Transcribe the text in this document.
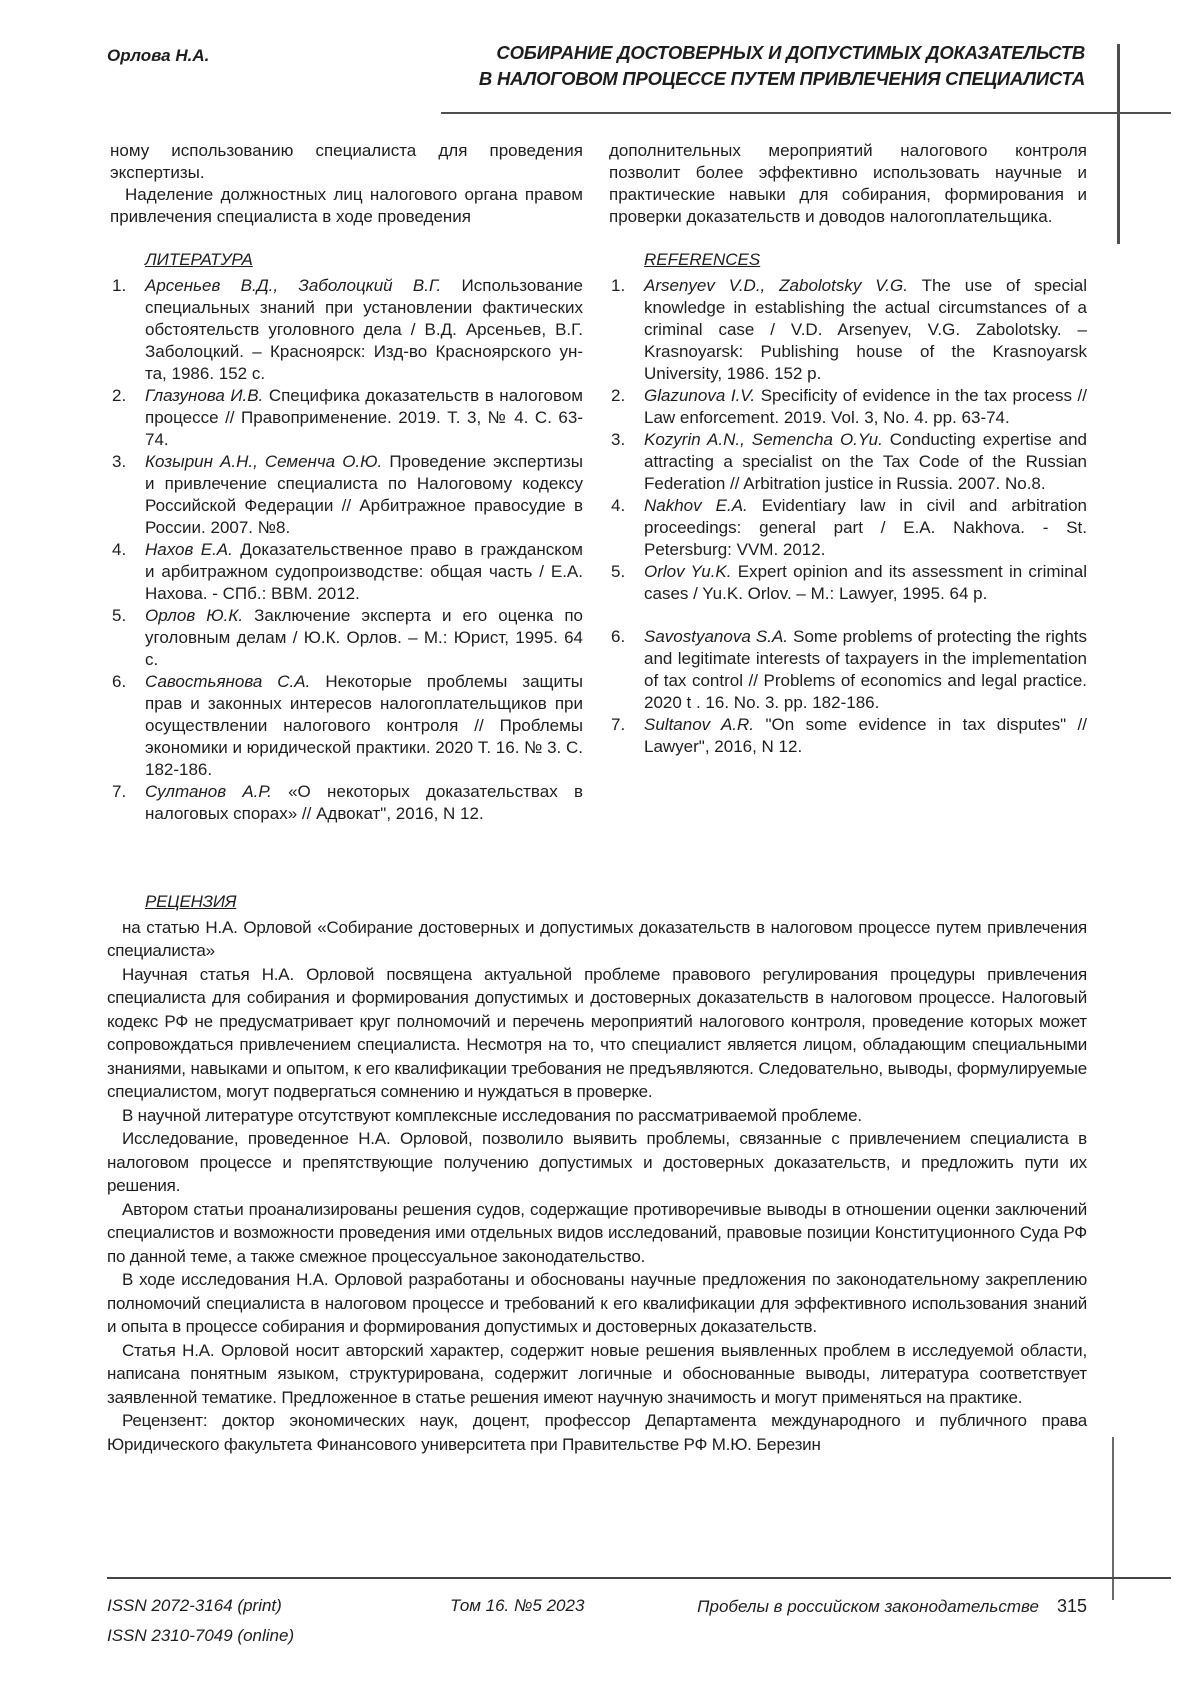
Орлова Н.А.	СОБИРАНИЕ ДОСТОВЕРНЫХ И ДОПУСТИМЫХ ДОКАЗАТЕЛЬСТВ
В НАЛОГОВОМ ПРОЦЕССЕ ПУТЕМ ПРИВЛЕЧЕНИЯ СПЕЦИАЛИСТА

ному использованию специалиста для проведения экспертизы.

Наделение должностных лиц налогового органа правом привлечения специалиста в ходе проведения

ЛИТЕРАТУРА
Арсеньев В.Д., Заболоцкий В.Г. Использование специальных знаний при установлении фактических обстоятельств уголовного дела / В.Д. Арсеньев, В.Г. Заболоцкий. – Красноярск: Изд-во Красноярского ун-та, 1986. 152 с.
Глазунова И.В. Специфика доказательств в налоговом процессе // Правоприменение. 2019. Т. 3, № 4. С. 63-74.
Козырин А.Н., Семенча О.Ю. Проведение экспертизы и привлечение специалиста по Налоговому кодексу Российской Федерации // Арбитражное правосудие в России. 2007. №8.
Нахов Е.А. Доказательственное право в гражданском и арбитражном судопроизводстве: общая часть / Е.А. Нахова. - СПб.: ВВМ. 2012.
Орлов Ю.К. Заключение эксперта и его оценка по уголовным делам / Ю.К. Орлов. – М.: Юрист, 1995. 64 с.
Савостьянова С.А. Некоторые проблемы защиты прав и законных интересов налогоплательщиков при осуществлении налогового контроля // Проблемы экономики и юридической практики. 2020 Т. 16. № 3. С. 182-186.
Султанов А.Р. «О некоторых доказательствах в налоговых спорах» // Адвокат", 2016, N 12.

дополнительных мероприятий налогового контроля позволит более эффективно использовать научные и практические навыки для собирания, формирования и проверки доказательств и доводов налогоплательщика.

REFERENCES
Arsenyev V.D., Zabolotsky V.G. The use of special knowledge in establishing the actual circumstances of a criminal case / V.D. Arsenyev, V.G. Zabolotsky. – Krasnoyarsk: Publishing house of the Krasnoyarsk University, 1986. 152 p.
Glazunova I.V. Specificity of evidence in the tax process // Law enforcement. 2019. Vol. 3, No. 4. pp. 63-74.
Kozyrin A.N., Semencha O.Yu. Conducting expertise and attracting a specialist on the Tax Code of the Russian Federation // Arbitration justice in Russia. 2007. No.8.
Nakhov E.A. Evidentiary law in civil and arbitration proceedings: general part / E.A. Nakhova. - St. Petersburg: VVM. 2012.
Orlov Yu.K. Expert opinion and its assessment in criminal cases / Yu.K. Orlov. – M.: Lawyer, 1995. 64 p.
Savostyanova S.A. Some problems of protecting the rights and legitimate interests of taxpayers in the implementation of tax control // Problems of economics and legal practice. 2020 t . 16. No. 3. pp. 182-186.
Sultanov A.R. "On some evidence in tax disputes" // Lawyer", 2016, N 12.
РЕЦЕНЗИЯ

на статью Н.А. Орловой «Собирание достоверных и допустимых доказательств в налоговом процессе путем привлечения специалиста»

Научная статья Н.А. Орловой посвящена актуальной проблеме правового регулирования процедуры привлечения специалиста для собирания и формирования допустимых и достоверных доказательств в налоговом процессе. Налоговый кодекс РФ не предусматривает круг полномочий и перечень мероприятий налогового контроля, проведение которых может сопровождаться привлечением специалиста. Несмотря на то, что специалист является лицом, обладающим специальными знаниями, навыками и опытом, к его квалификации требования не предъявляются. Следовательно, выводы, формулируемые специалистом, могут подвергаться сомнению и нуждаться в проверке.

В научной литературе отсутствуют комплексные исследования по рассматриваемой проблеме.

Исследование, проведенное Н.А. Орловой, позволило выявить проблемы, связанные с привлечением специалиста в налоговом процессе и препятствующие получению допустимых и достоверных доказательств, и предложить пути их решения.

Автором статьи проанализированы решения судов, содержащие противоречивые выводы в отношении оценки заключений специалистов и возможности проведения ими отдельных видов исследований, правовые позиции Конституционного Суда РФ по данной теме, а также смежное процессуальное законодательство.

В ходе исследования Н.А. Орловой разработаны и обоснованы научные предложения по законодательному закреплению полномочий специалиста в налоговом процессе и требований к его квалификации для эффективного использования знаний и опыта в процессе собирания и формирования допустимых и достоверных доказательств.

Статья Н.А. Орловой носит авторский характер, содержит новые решения выявленных проблем в исследуемой области, написана понятным языком, структурирована, содержит логичные и обоснованные выводы, литература соответствует заявленной тематике. Предложенное в статье решения имеют научную значимость и могут применяться на практике.

Рецензент: доктор экономических наук, доцент, профессор Департамента международного и публичного права Юридического факультета Финансового университета при Правительстве РФ М.Ю. Березин

ISSN 2072-3164 (print)
ISSN 2310-7049 (online)
Том 16. №5 2023	Пробелы в российском законодательстве 315
